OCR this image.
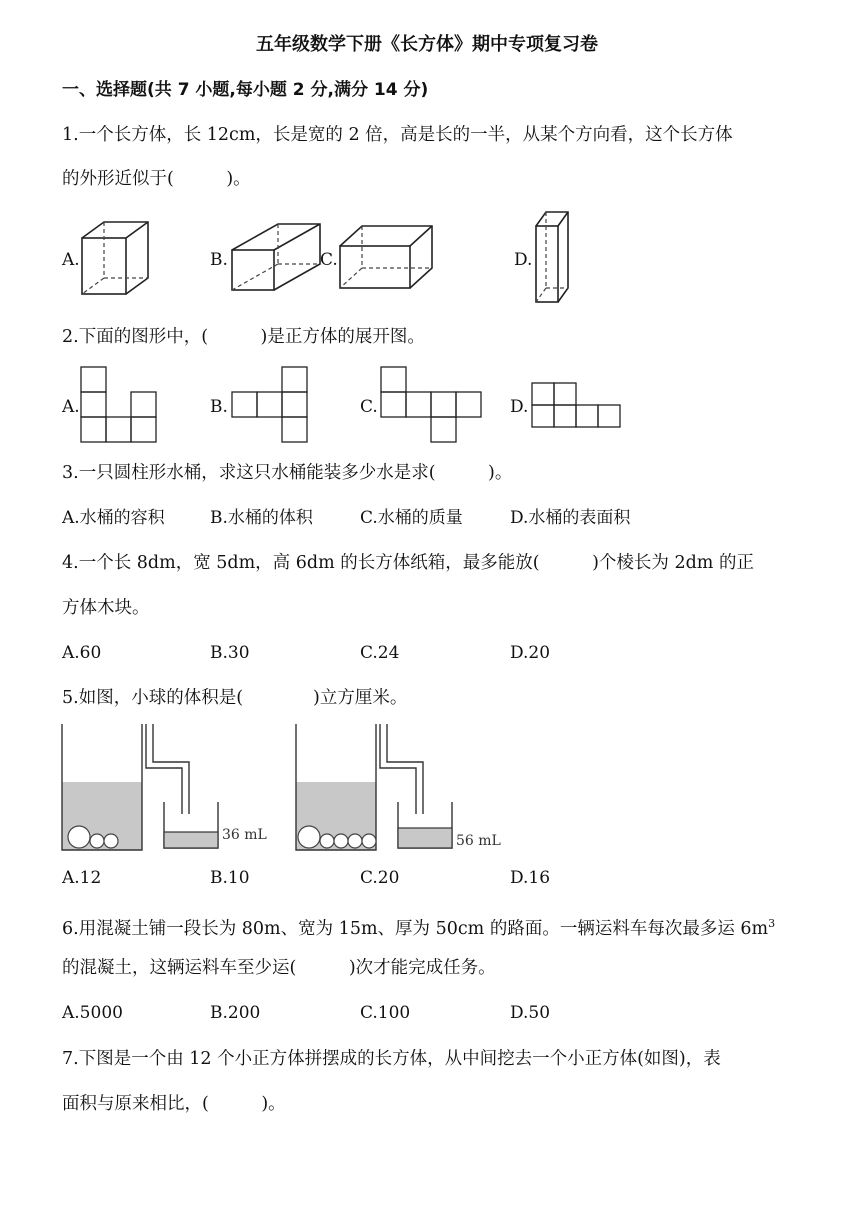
五年级数学下册《长方体》期中专项复习卷
一、选择题(共 7 小题,每小题 2 分,满分 14 分)
1.一个长方体，长 12cm，长是宽的 2 倍，高是长的一半，从某个方向看，这个长方体
的外形近似于(　　　)。
A.	B.	C.	D.
2.下面的图形中，(　　　)是正方体的展开图。
A.	B.	C.	D.
3.一只圆柱形水桶，求这只水桶能装多少水是求(　　　)。
A.水桶的容积	B.水桶的体积	C.水桶的质量	D.水桶的表面积
4.一个长 8dm，宽 5dm，高 6dm 的长方体纸箱，最多能放(　　　)个棱长为 2dm 的正
方体木块。
A.60	B.30	C.24	D.20
5.如图，小球的体积是(　　　　)立方厘米。
36 mL	56 mL
A.12	B.10	C.20	D.16
6.用混凝土铺一段长为 80m、宽为 15m、厚为 50cm 的路面。一辆运料车每次最多运 $6m^3$
的混凝土，这辆运料车至少运(　　　)次才能完成任务。
A.5000	B.200	C.100	D.50
7.下图是一个由 12 个小正方体拼摆成的长方体，从中间挖去一个小正方体(如图)，表
面积与原来相比，(　　　)。
